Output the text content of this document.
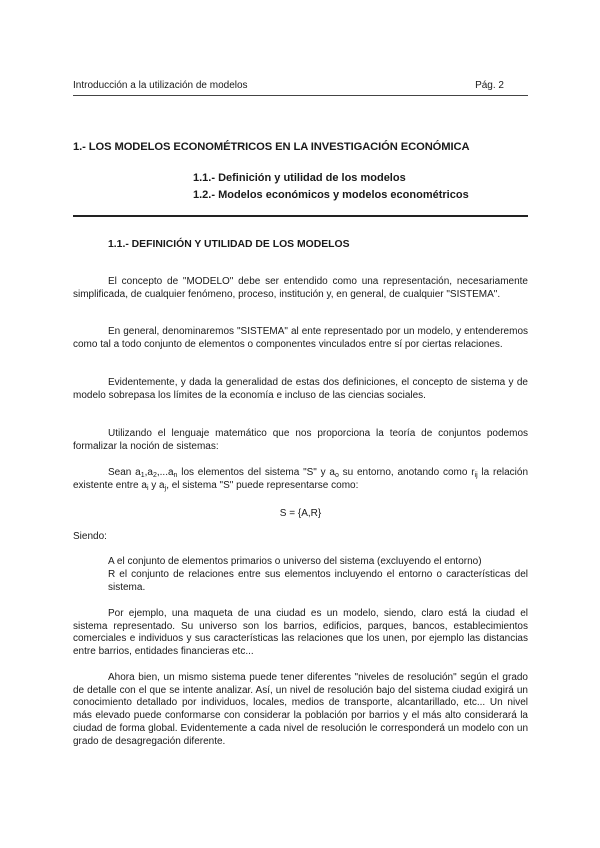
Introducción a la utilización de modelos	Pág. 2
1.- LOS MODELOS ECONOMÉTRICOS EN LA INVESTIGACIÓN ECONÓMICA
1.1.- Definición y utilidad de los modelos
1.2.- Modelos económicos y modelos econométricos
1.1.- DEFINICIÓN Y UTILIDAD DE LOS MODELOS

El concepto de "MODELO" debe ser entendido como una representación, necesariamente simplificada, de cualquier fenómeno, proceso, institución y, en general, de cualquier "SISTEMA".

En general, denominaremos "SISTEMA" al ente representado por un modelo, y entenderemos como tal a todo conjunto de elementos o componentes vinculados entre sí por ciertas relaciones.

Evidentemente, y dada la generalidad de estas dos definiciones, el concepto de sistema y de modelo sobrepasa los límites de la economía e incluso de las ciencias sociales.

Utilizando el lenguaje matemático que nos proporciona la teoría de conjuntos podemos formalizar la noción de sistemas:

Sean $a_1,a_2,...a_n$ los elementos del sistema "S" y $a_o$ su entorno, anotando como $r_{ij}$ la relación existente entre $a_i$ y $a_j$, el sistema "S" puede representarse como:

S = {A,R}

Siendo:

A el conjunto de elementos primarios o universo del sistema (excluyendo el entorno)

R el conjunto de relaciones entre sus elementos incluyendo el entorno o características del sistema.

Por ejemplo, una maqueta de una ciudad es un modelo, siendo, claro está la ciudad el sistema representado. Su universo son los barrios, edificios, parques, bancos, establecimientos comerciales e individuos y sus características las relaciones que los unen, por ejemplo las distancias entre barrios, entidades financieras etc...

Ahora bien, un mismo sistema puede tener diferentes "niveles de resolución" según el grado de detalle con el que se intente analizar. Así, un nivel de resolución bajo del sistema ciudad exigirá un conocimiento detallado por individuos, locales, medios de transporte, alcantarillado, etc... Un nivel más elevado puede conformarse con considerar la población por barrios y el más alto considerará la ciudad de forma global. Evidentemente a cada nivel de resolución le corresponderá un modelo con un grado de desagregación diferente.
